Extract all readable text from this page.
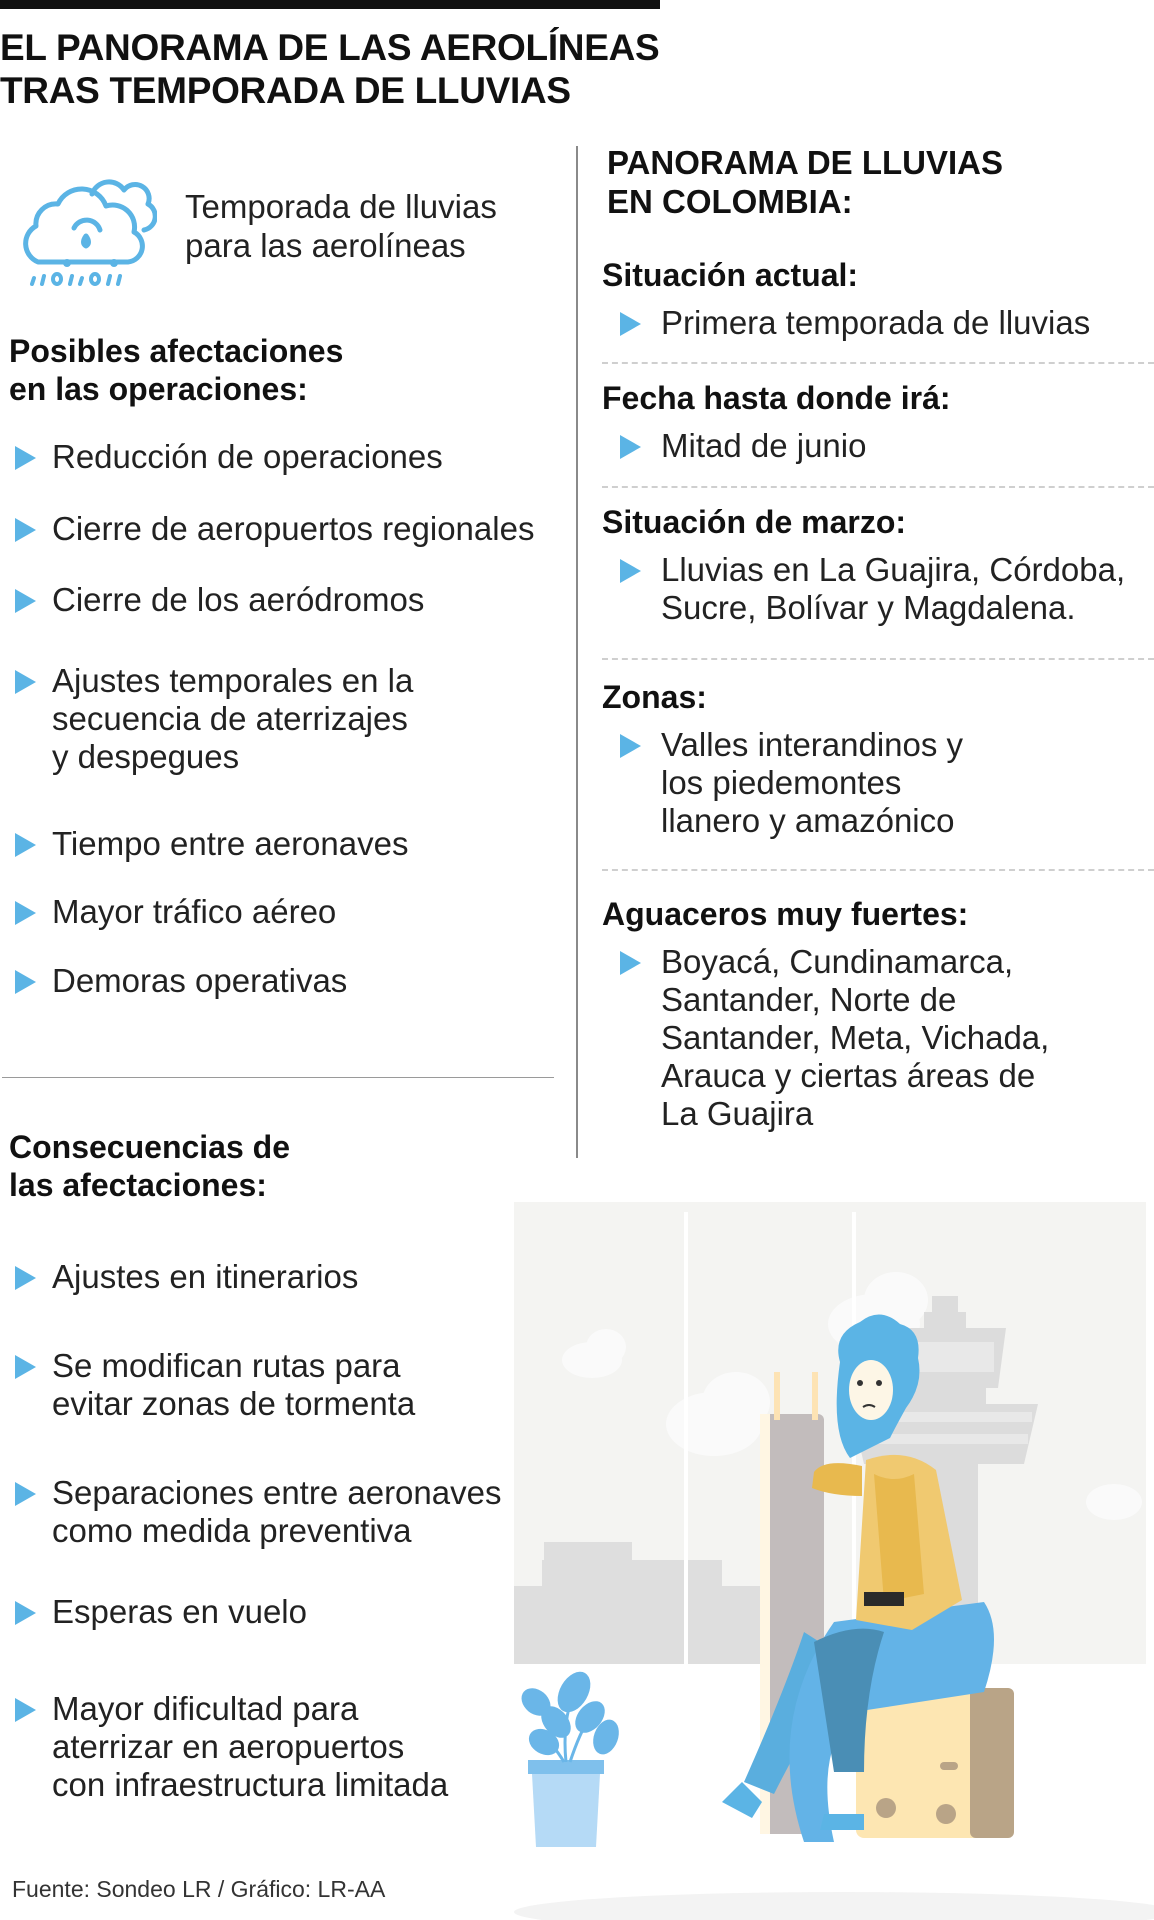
EL PANORAMA DE LAS AEROLÍNEAS
TRAS TEMPORADA DE LLUVIAS
Temporada de lluvias
para las aerolíneas
Posibles afectaciones
en las operaciones:
Reducción de operaciones
Cierre de aeropuertos regionales
Cierre de los aeródromos
Ajustes temporales en la
secuencia de aterrizajes
y despegues
Tiempo entre aeronaves
Mayor tráfico aéreo
Demoras operativas
PANORAMA DE LLUVIAS
EN COLOMBIA:
Situación actual:
Primera temporada de lluvias
Fecha hasta donde irá:
Mitad de junio
Situación de marzo:
Lluvias en La Guajira, Córdoba,
Sucre, Bolívar y Magdalena.
Zonas:
Valles interandinos y
los piedemontes
llanero y amazónico
Aguaceros muy fuertes:
Boyacá, Cundinamarca,
Santander, Norte de
Santander, Meta, Vichada,
Arauca y ciertas áreas de
La Guajira
Consecuencias de
las afectaciones:
Ajustes en itinerarios
Se modifican rutas para
evitar zonas de tormenta
Separaciones entre aeronaves
como medida preventiva
Esperas en vuelo
Mayor dificultad para
aterrizar en aeropuertos
con infraestructura limitada
Fuente: Sondeo LR / Gráfico: LR-AA
